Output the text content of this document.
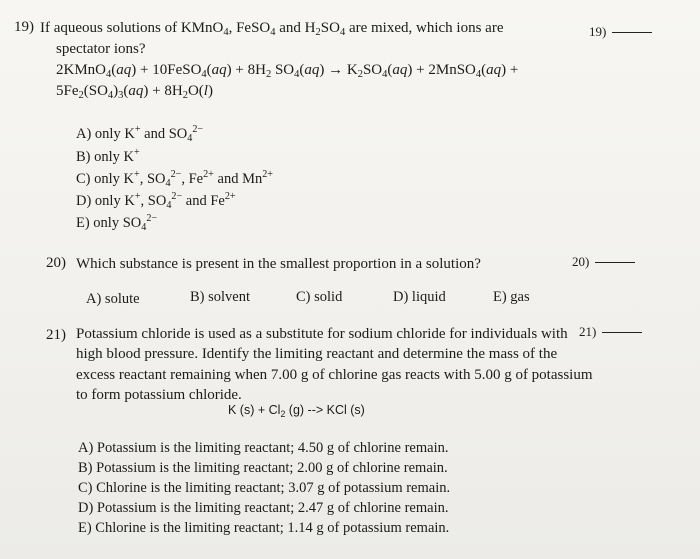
19) If aqueous solutions of KMnO$_4$, FeSO$_4$ and $H_2SO_4$ are mixed, which ions are
spectator ions?
19)
2KMnO$_4$(aq) + 10FeSO$_4$(aq) + $8H_2$ $SO_4(aq) \to K_2SO_4(aq)$ + 2MnSO$_4$(aq) +
$5Fe_2(SO_4)_3(aq) + 8H_2O(l)$
A) only K+ and $SO_4^{2-}$
B) only K+
C) only K+, $SO_4^{2-}$, $Fe^{2+}$ and $Mn^{2+}$
D) only K+, $SO_4^{2-}$ and $Fe^{2+}$
E) only $SO_4^{2-}$
20) Which substance is present in the smallest proportion in a solution?	20)
A) solute	B) solvent	C) solid	D) liquid	E) gas
21) Potassium chloride is used as a substitute for sodium chloride for individuals with
high blood pressure. Identify the limiting reactant and determine the mass of the
excess reactant remaining when 7.00 g of chlorine gas reacts with 5.00 g of potassium
to form potassium chloride.
21)
K $(s) + Cl_2$ (g) --> KCl (s)
A) Potassium is the limiting reactant; 4.50 g of chlorine remain.
B) Potassium is the limiting reactant; 2.00 g of chlorine remain.
C) Chlorine is the limiting reactant; 3.07 g of potassium remain.
D) Potassium is the limiting reactant; 2.47 g of chlorine remain.
E) Chlorine is the limiting reactant; 1.14 g of potassium remain.
